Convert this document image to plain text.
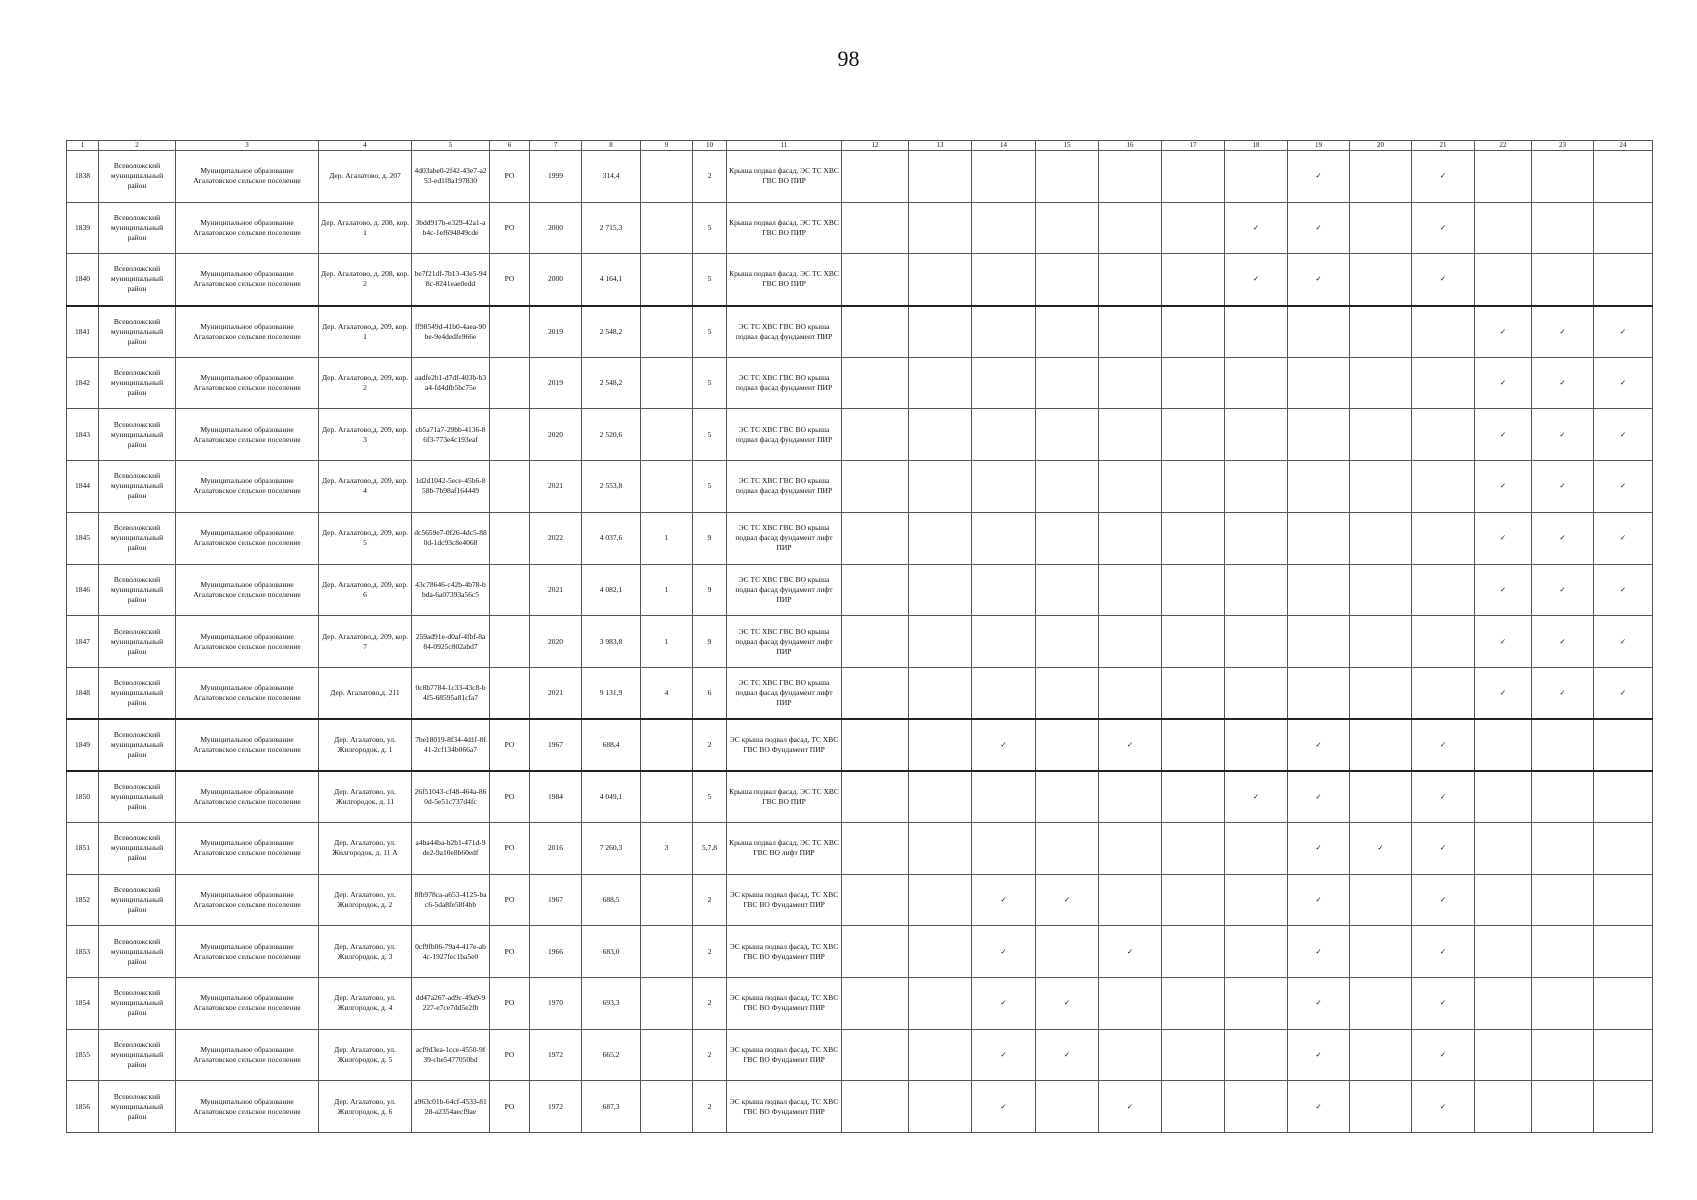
98
1	2	3	4	5	6	7	8	9	10	11	12	13	14	15	16	17	18	19	20	21	22	23	24
1838	Всеволожский муниципальный район	Муниципальное образование Агалатовское сельское поселение	Дер. Агалатово, д. 207	4d03abe0-2f42-43e7-a253-ed1f8a197830	РО	1999	314,4		2	Крыша подвал фасад. ЭС ТС ХВС ГВС ВО ПИР								✓		✓			
1839	Всеволожский муниципальный район	Муниципальное образование Агалатовское сельское поселение	Дер. Агалатово, д. 208, кор. 1	3bdd917b-e329-42a1-ab4c-1ef694849cde	РО	2000	2 715,3		5	Крыша подвал фасад. ЭС ТС ХВС ГВС ВО ПИР							✓	✓		✓			
1840	Всеволожский муниципальный район	Муниципальное образование Агалатовское сельское поселение	Дер. Агалатово, д. 208, кор. 2	be7f21df-7b13-43e5-948c-8241eae0edd	РО	2000	4 164,1		5	Крыша подвал фасад. ЭС ТС ХВС ГВС ВО ПИР							✓	✓		✓			
1841	Всеволожский муниципальный район	Муниципальное образование Агалатовское сельское поселение	Дер. Агалатово,д. 209, кор. 1	ff98549d-41b0-4aea-90be-9e4dedfe966e		2019	2 548,2		5	ЭС ТС ХВС ГВС ВО крыша подвал фасад фундамент ПИР											✓	✓	✓
1842	Всеволожский муниципальный район	Муниципальное образование Агалатовское сельское поселение	Дер. Агалатово,д. 209, кор. 2	aadfe2b1-d7df-403b-b3a4-fd4dfb5bc75e		2019	2 548,2		5	ЭС ТС ХВС ГВС ВО крыша подвал фасад фундамент ПИР											✓	✓	✓
1843	Всеволожский муниципальный район	Муниципальное образование Агалатовское сельское поселение	Дер. Агалатово,д. 209, кор. 3	cb5a71a7-29bb-4136-86f3-773e4c193eaf		2020	2 520,6		5	ЭС ТС ХВС ГВС ВО крыша подвал фасад фундамент ПИР											✓	✓	✓
1844	Всеволожский муниципальный район	Муниципальное образование Агалатовское сельское поселение	Дер. Агалатово,д. 209, кор. 4	1d2d1042-5ece-45b6-858b-7b98af164449		2021	2 553,8		5	ЭС ТС ХВС ГВС ВО крыша подвал фасад фундамент ПИР											✓	✓	✓
1845	Всеволожский муниципальный район	Муниципальное образование Агалатовское сельское поселение	Дер. Агалатово,д. 209, кор. 5	dc5659e7-0f26-4dc5-880d-1dc93c8e4068		2022	4 037,6	1	9	ЭС ТС ХВС ГВС ВО крыша подвал фасад фундамент лифт ПИР											✓	✓	✓
1846	Всеволожский муниципальный район	Муниципальное образование Агалатовское сельское поселение	Дер. Агалатово,д. 209, кор. 6	43c78646-c42b-4b78-bbda-6a07393a56c5		2021	4 082,1	1	9	ЭС ТС ХВС ГВС ВО крыша подвал фасад фундамент лифт ПИР											✓	✓	✓
1847	Всеволожский муниципальный район	Муниципальное образование Агалатовское сельское поселение	Дер. Агалатово,д. 209, кор. 7	259ad91e-d0af-4fbf-8a84-0925c802abd7		2020	3 983,8	1	9	ЭС ТС ХВС ГВС ВО крыша подвал фасад фундамент лифт ПИР											✓	✓	✓
1848	Всеволожский муниципальный район	Муниципальное образование Агалатовское сельское поселение	Дер. Агалатово,д. 211	0c8b7784-1c33-43c8-b4f5-68595a81cfa7		2021	9 131,9	4	6	ЭС ТС ХВС ГВС ВО крыша подвал фасад фундамент лифт ПИР											✓	✓	✓
1849	Всеволожский муниципальный район	Муниципальное образование Агалатовское сельское поселение	Дер. Агалатово, ул. Жилгородок, д. 1	7be18019-8f34-4d1f-8f41-2cf134b066a7	РО	1967	688,4		2	ЭС крыша подвал фасад, ТС ХВС ГВС ВО Фундамент ПИР			✓		✓			✓		✓			
1850	Всеволожский муниципальный район	Муниципальное образование Агалатовское сельское поселение	Дер. Агалатово, ул. Жилгородок, д. 11	26f51043-cf48-464a-860d-5e51c737d4fc	РО	1984	4 049,1		5	Крыша подвал фасад. ЭС ТС ХВС ГВС ВО ПИР							✓	✓		✓			
1851	Всеволожский муниципальный район	Муниципальное образование Агалатовское сельское поселение	Дер. Агалатово, ул. Жилгородок, д. 11 А	a4ba44ba-b2b1-471d-9de2-9a10e8b60edf	РО	2016	7 260,3	3	5,7,8	Крыша подвал фасад. ЭС ТС ХВС ГВС ВО лифт ПИР								✓	✓	✓			
1852	Всеволожский муниципальный район	Муниципальное образование Агалатовское сельское поселение	Дер. Агалатово, ул. Жилгородок, д. 2	8fb978ca-a653-4125-bac6-5da8fe58f4bb	РО	1967	688,5		2	ЭС крыша подвал фасад, ТС ХВС ГВС ВО Фундамент ПИР			✓	✓				✓		✓			
1853	Всеволожский муниципальный район	Муниципальное образование Агалатовское сельское поселение	Дер. Агалатово, ул. Жилгородок, д. 3	0cf9fb06-79a4-417e-ab4c-1927fec1ba5e0	РО	1966	683,0		2	ЭС крыша подвал фасад, ТС ХВС ГВС ВО Фундамент ПИР			✓		✓			✓		✓			
1854	Всеволожский муниципальный район	Муниципальное образование Агалатовское сельское поселение	Дер. Агалатово, ул. Жилгородок, д. 4	dd47a267-ad9c-49a9-9227-e7ce7dd5e2fb	РО	1970	693,3		2	ЭС крыша подвал фасад, ТС ХВС ГВС ВО Фундамент ПИР			✓	✓				✓		✓			
1855	Всеволожский муниципальный район	Муниципальное образование Агалатовское сельское поселение	Дер. Агалатово, ул. Жилгородок, д. 5	acf9d3ea-1cce-4550-9f39-cbe5477050bd	РО	1972	665,2		2	ЭС крыша подвал фасад, ТС ХВС ГВС ВО Фундамент ПИР			✓	✓				✓		✓			
1856	Всеволожский муниципальный район	Муниципальное образование Агалатовское сельское поселение	Дер. Агалатово, ул. Жилгородок, д. 6	a963c01b-64cf-4533-8128-a2354aecf9ae	РО	1972	687,3		2	ЭС крыша подвал фасад, ТС ХВС ГВС ВО Фундамент ПИР			✓		✓			✓		✓			
